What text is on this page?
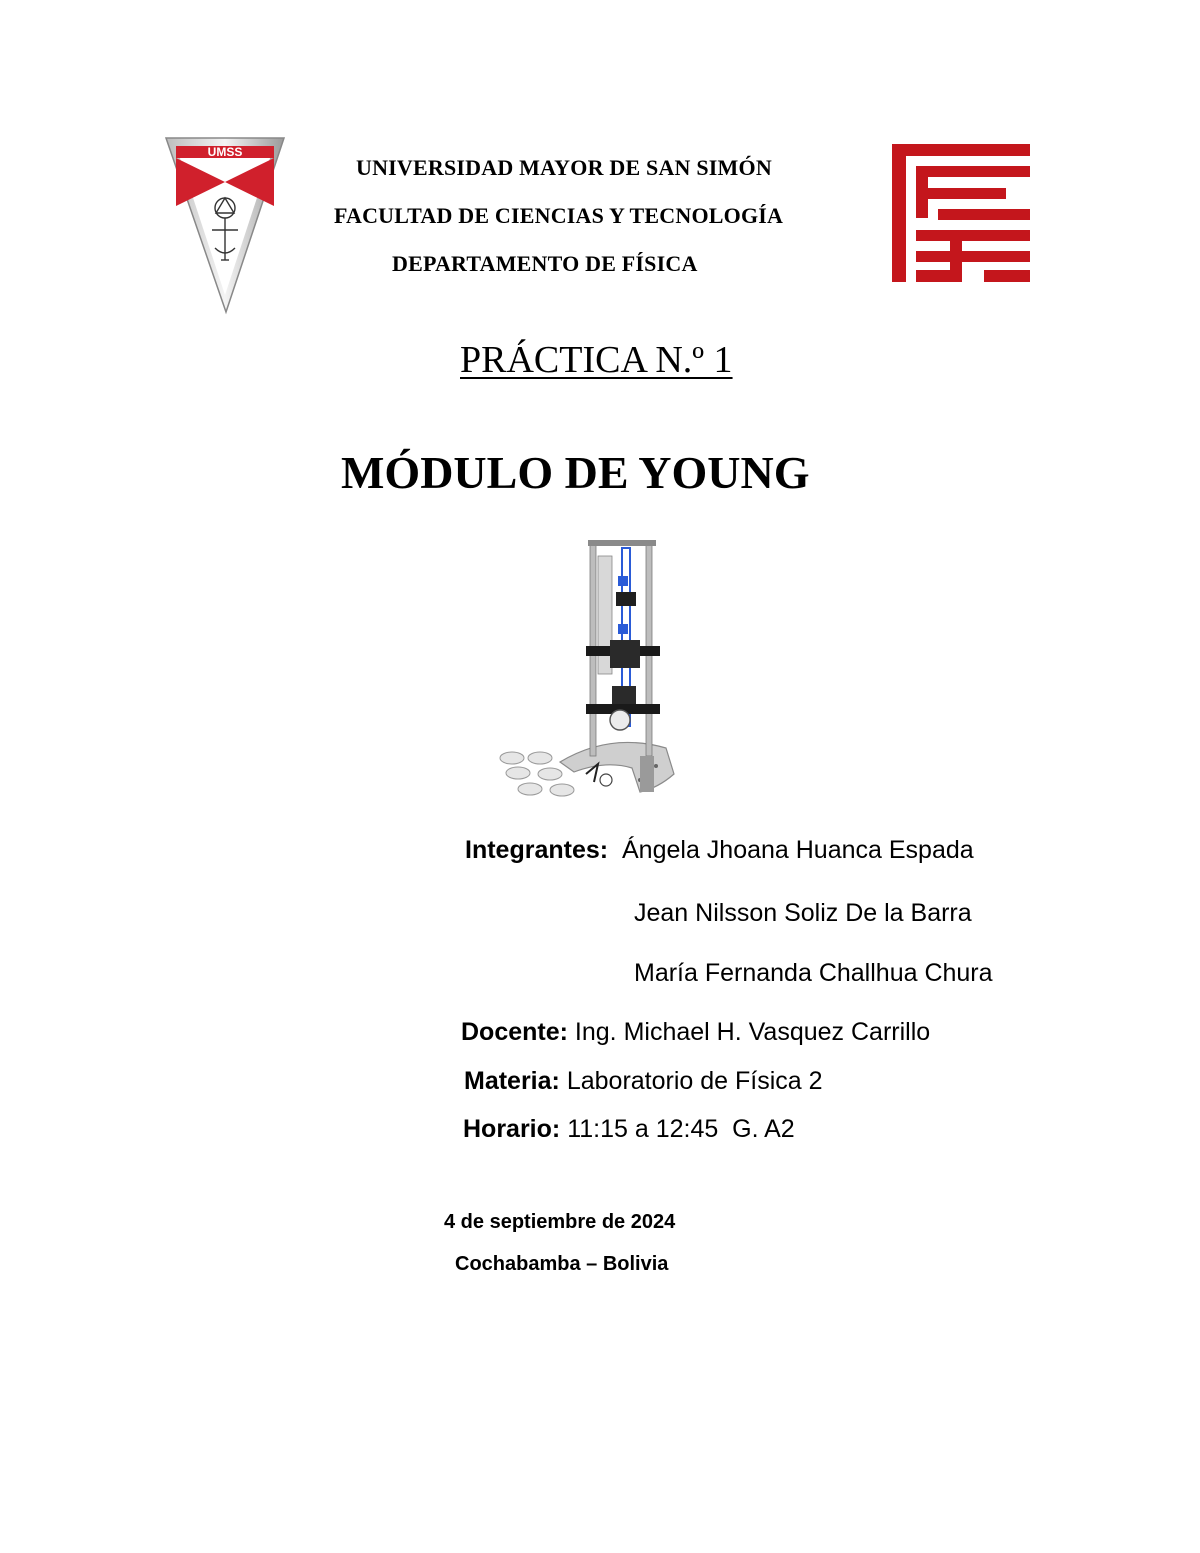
UMSS

UNIVERSIDAD MAYOR DE SAN SIMÓN

FACULTAD DE CIENCIAS Y TECNOLOGÍA

DEPARTAMENTO DE FÍSICA

PRÁCTICA N.º 1

MÓDULO DE YOUNG

Integrantes: Ángela Jhoana Huanca Espada

Jean Nilsson Soliz De la Barra

María Fernanda Challhua Chura

Docente: Ing. Michael H. Vasquez Carrillo

Materia: Laboratorio de Física 2

Horario: 11:15 a 12:45  G. A2

4 de septiembre de 2024

Cochabamba – Bolivia
